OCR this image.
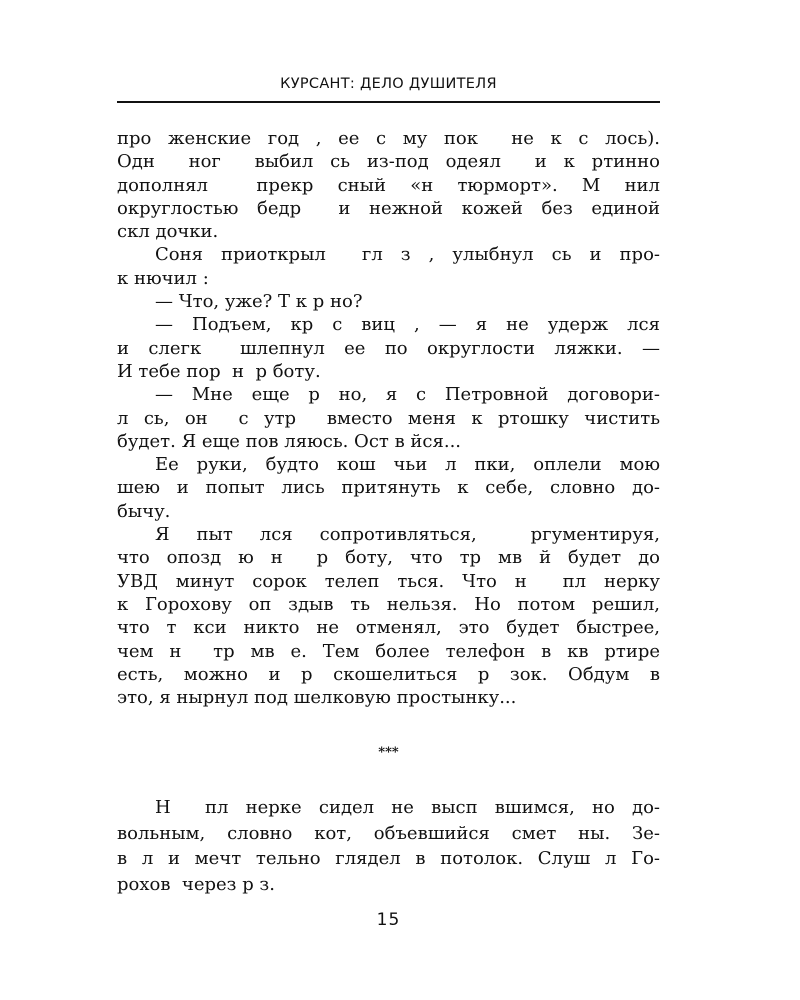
КУРСАНТ: ДЕЛО ДУШИТЕЛЯ
про женские год , ее с му пок  не к с лось).
Одн  ног  выбил сь из-под одеял  и к ртинно
дополнял  прекр сный «н тюрморт». М нил
округлостью бедр  и нежной кожей без единой
скл дочки.
Соня приоткрыл  гл з , улыбнул сь и про-
к нючил :
— Что, уже? Т к р но?
— Подъем, кр с виц , — я не удерж лся
и слегк  шлепнул ее по округлости ляжки. —
И тебе пор  н  р боту.
— Мне еще р но, я с Петровной договори-
л сь, он  с утр  вместо меня к ртошку чистить
будет. Я еще пов ляюсь. Ост в йся...
Ее руки, будто кош чьи л пки, оплели мою
шею и попыт лись притянуть к себе, словно до-
бычу.
Я пыт лся сопротивляться,  ргументируя,
что опозд ю н  р боту, что тр мв й будет до
УВД минут сорок телеп ться. Что н  пл нерку
к Горохову оп здыв ть нельзя. Но потом решил,
что т кси никто не отменял, это будет быстрее,
чем н  тр мв е. Тем более телефон в кв ртире
есть, можно и р скошелиться р зок. Обдум в
это, я нырнул под шелковую простынку...
***
Н  пл нерке сидел не высп вшимся, но до-
вольным, словно кот, объевшийся смет ны. Зе-
в л и мечт тельно глядел в потолок. Слуш л Го-
рохов  через р з.
15
